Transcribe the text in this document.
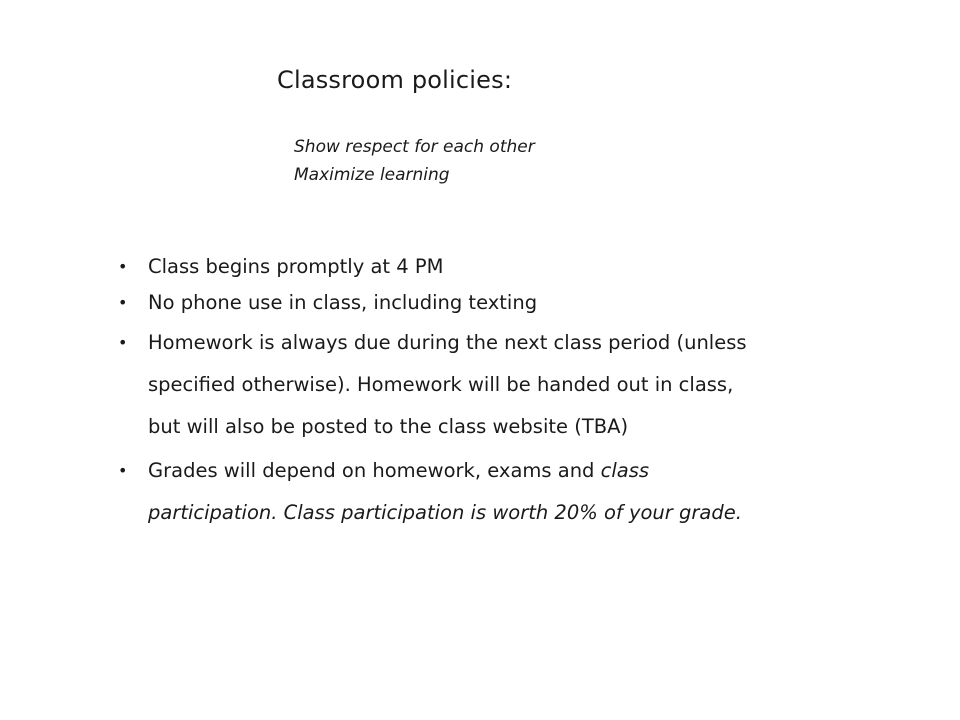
Classroom policies:
Show respect for each other
Maximize learning
• Class begins promptly at 4 PM
• No phone use in class, including texting
• Homework is always due during the next class period (unless
specified otherwise). Homework will be handed out in class,
but will also be posted to the class website (TBA)
• Grades will depend on homework, exams and class
participation. Class participation is worth 20% of your grade.
